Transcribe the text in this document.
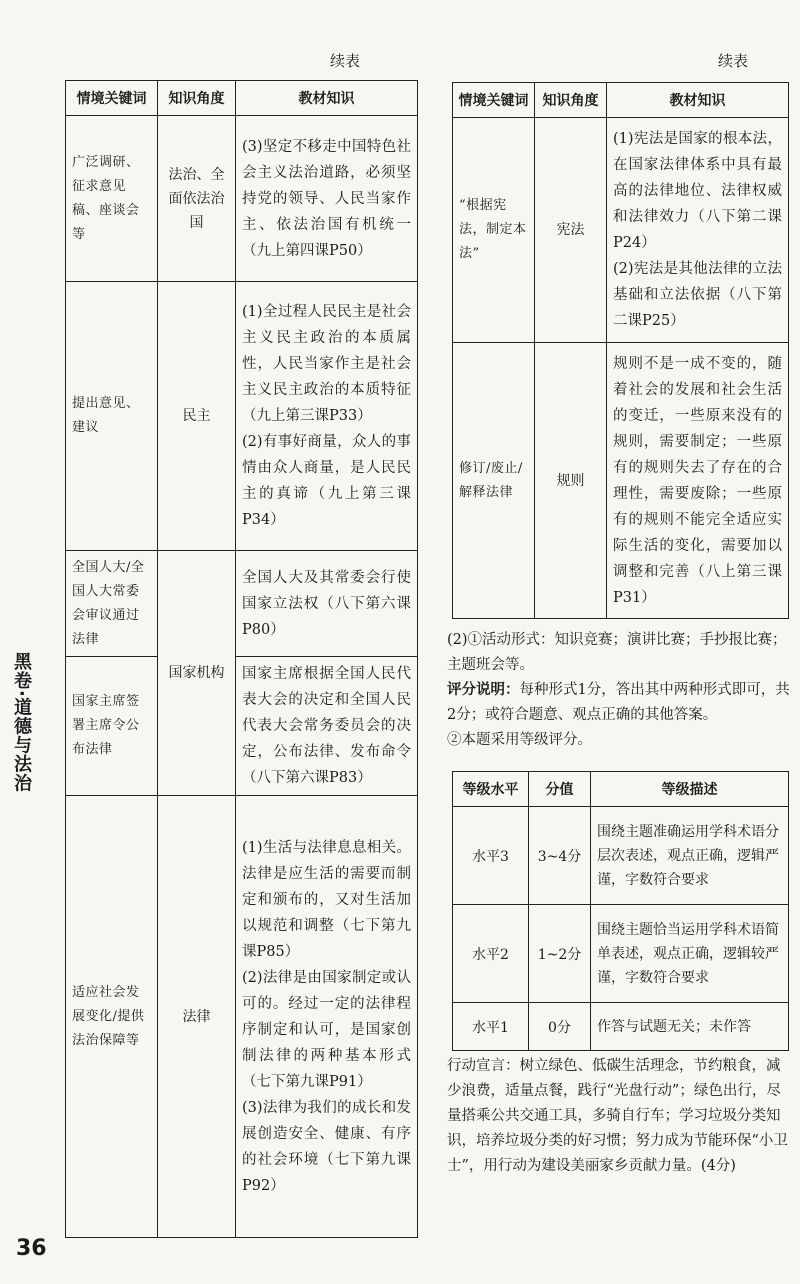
续表	续表
情境关键词	知识角度	教材知识
广泛调研、征求意见稿、座谈会等	法治、全面依法治国	(3)坚定不移走中国特色社会主义法治道路，必须坚持党的领导、人民当家作主、依法治国有机统一（九上第四课P50）

提出意见、建议	民主	(1)全过程人民民主是社会主义民主政治的本质属性，人民当家作主是社会主义民主政治的本质特征（九上第三课P33）

(2)有事好商量，众人的事情由众人商量，是人民民主的真谛（九上第三课P34）

全国人大/全国人大常委会审议通过法律	国家机构	全国人大及其常委会行使国家立法权（八下第六课P80）

国家主席签署主席令公布法律		国家主席根据全国人民代表大会的决定和全国人民代表大会常务委员会的决定，公布法律、发布命令（八下第六课P83）

适应社会发展变化/提供法治保障等	法律	(1)生活与法律息息相关。法律是应生活的需要而制定和颁布的，又对生活加以规范和调整（七下第九课P85）

(2)法律是由国家制定或认可的。经过一定的法律程序制定和认可，是国家创制法律的两种基本形式（七下第九课P91）

(3)法律为我们的成长和发展创造安全、健康、有序的社会环境（七下第九课P92）

情境关键词	知识角度	教材知识
“根据宪法，制定本法”	宪法	(1)宪法是国家的根本法，在国家法律体系中具有最高的法律地位、法律权威和法律效力（八下第二课P24）

(2)宪法是其他法律的立法基础和立法依据（八下第二课P25）

修订/废止/解释法律	规则	规则不是一成不变的，随着社会的发展和社会生活的变迁，一些原来没有的规则，需要制定；一些原有的规则失去了存在的合理性，需要废除；一些原有的规则不能完全适应实际生活的变化，需要加以调整和完善（八上第三课P31）

(2)①活动形式：知识竞赛；演讲比赛；手抄报比赛；主题班会等。

评分说明：每种形式1分，答出其中两种形式即可，共2分；或符合题意、观点正确的其他答案。

②本题采用等级评分。

等级水平	分值	等级描述
水平3	3~4分	围绕主题准确运用学科术语分层次表述，观点正确，逻辑严谨，字数符合要求
水平2	1~2分	围绕主题恰当运用学科术语简单表述，观点正确，逻辑较严谨，字数符合要求
水平1	0分	作答与试题无关；未作答

行动宣言：树立绿色、低碳生活理念，节约粮食，减少浪费，适量点餐，践行“光盘行动”；绿色出行，尽量搭乘公共交通工具，多骑自行车；学习垃圾分类知识，培养垃圾分类的好习惯；努力成为节能环保“小卫士”，用行动为建设美丽家乡贡献力量。(4分)

黑卷·道德与法治
36
